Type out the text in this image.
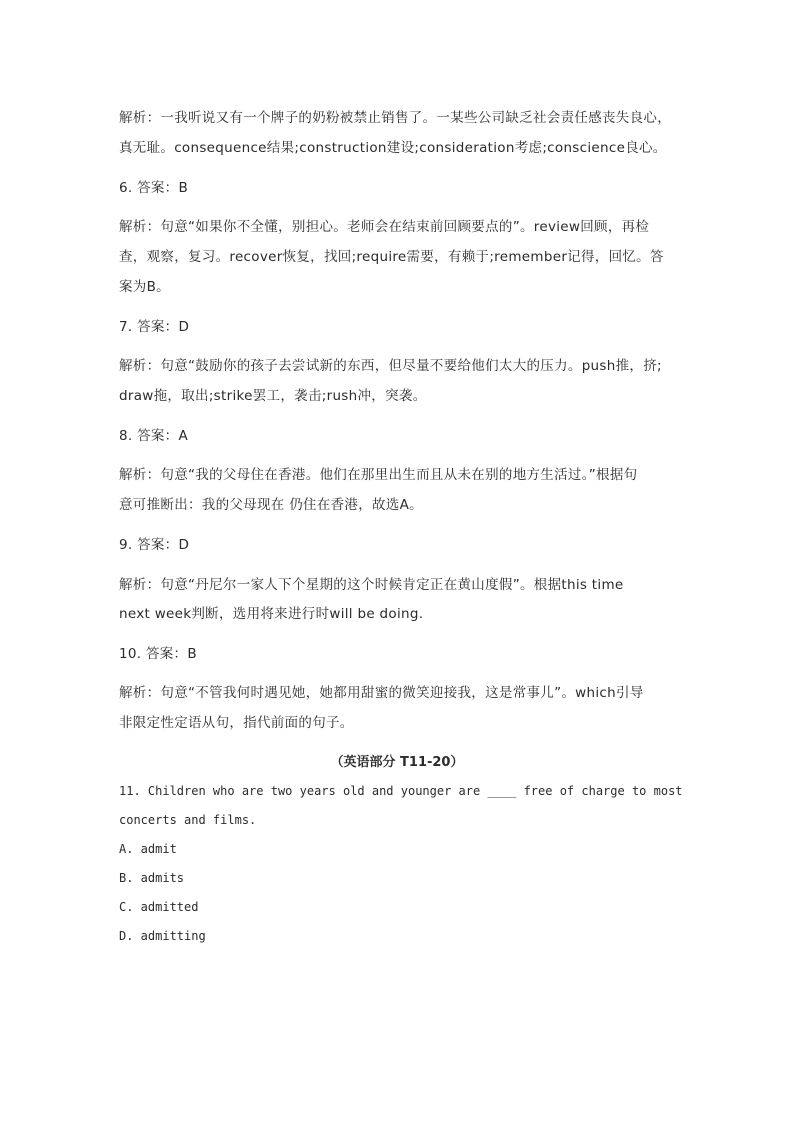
解析：一我听说又有一个牌子的奶粉被禁止销售了。一某些公司缺乏社会责任感丧失良心，
真无耻。consequence结果;construction建设;consideration考虑;conscience良心。
6. 答案：B
解析：句意“如果你不全懂，别担心。老师会在结束前回顾要点的”。review回顾，再检
查，观察，复习。recover恢复，找回;require需要，有赖于;remember记得，回忆。答
案为B。
7. 答案：D
解析：句意“鼓励你的孩子去尝试新的东西，但尽量不要给他们太大的压力。push推，挤;
draw拖，取出;strike罢工，袭击;rush冲，突袭。
8. 答案：A
解析：句意“我的父母住在香港。他们在那里出生而且从未在别的地方生活过。”根据句
意可推断出：我的父母现在 仍住在香港，故选A。
9. 答案：D
解析：句意“丹尼尔一家人下个星期的这个时候肯定正在黄山度假”。根据this time
next week判断，选用将来进行时will be doing.
10. 答案：B
解析：句意“不管我何时遇见她，她都用甜蜜的微笑迎接我，这是常事儿”。which引导
非限定性定语从句，指代前面的句子。
（英语部分 T11-20）
11. Children who are two years old and younger are ____ free of charge to most
concerts and films.
A. admit
B. admits
C. admitted
D. admitting
